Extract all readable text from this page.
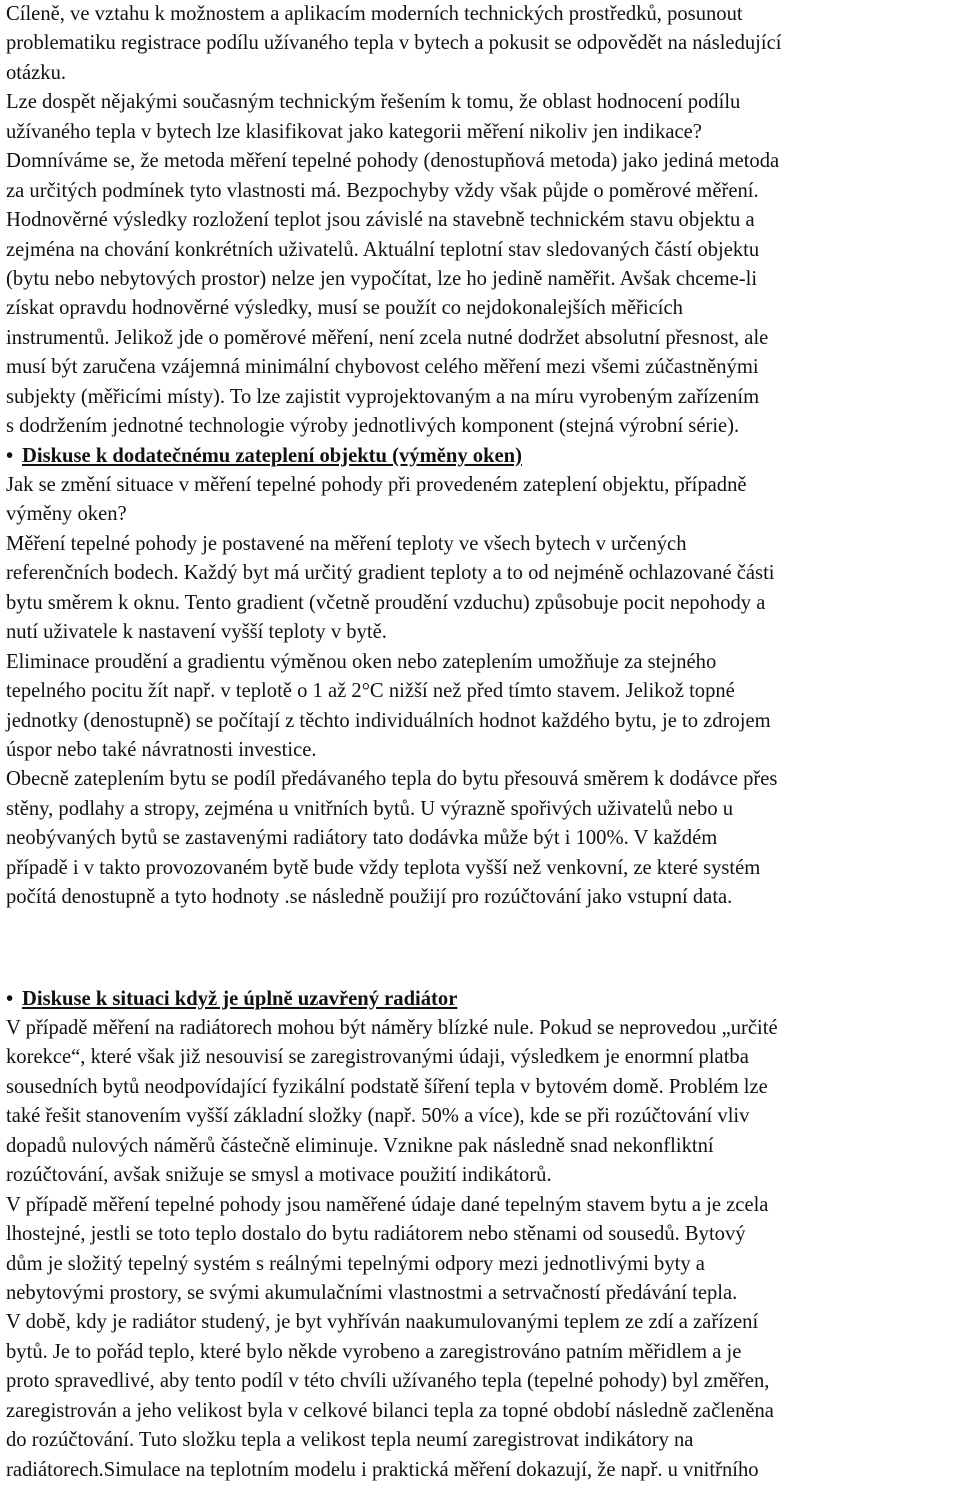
Cíleně, ve vztahu k možnostem a aplikacím moderních technických prostředků, posunout
problematiku registrace podílu užívaného tepla v bytech a pokusit se odpovědět na následující
otázku.
Lze dospět nějakými současným technickým řešením k tomu, že oblast hodnocení podílu
užívaného tepla v bytech lze klasifikovat jako kategorii měření nikoliv jen indikace?
Domníváme se, že metoda měření tepelné pohody (denostupňová metoda) jako jediná metoda
za určitých podmínek tyto vlastnosti má. Bezpochyby vždy však půjde o poměrové měření.
Hodnověrné výsledky rozložení teplot jsou závislé na stavebně technickém stavu objektu a
zejména na chování konkrétních uživatelů. Aktuální teplotní stav sledovaných částí objektu
(bytu nebo nebytových prostor) nelze jen vypočítat, lze ho jedině naměřit. Avšak chceme-li
získat opravdu hodnověrné výsledky, musí se použít co nejdokonalejších měřicích
instrumentů. Jelikož jde o poměrové měření, není zcela nutné dodržet absolutní přesnost, ale
musí být zaručena vzájemná minimální chybovost celého měření mezi všemi zúčastněnými
subjekty (měřicími místy). To lze zajistit vyprojektovaným a na míru vyrobeným zařízením
s dodržením jednotné technologie výroby jednotlivých komponent (stejná výrobní série).
• Diskuse k dodatečnému zateplení objektu (výměny oken)
Jak se změní situace v měření tepelné pohody při provedeném zateplení objektu, případně
výměny oken?
Měření tepelné pohody je postavené na měření teploty ve všech bytech v určených
referenčních bodech. Každý byt má určitý gradient teploty a to od nejméně ochlazované části
bytu směrem k oknu. Tento gradient (včetně proudění vzduchu) způsobuje pocit nepohody a
nutí uživatele k nastavení vyšší teploty v bytě.
Eliminace proudění a gradientu výměnou oken nebo zateplením umožňuje za stejného
tepelného pocitu žít např. v teplotě o 1 až 2°C nižší než před tímto stavem. Jelikož topné
jednotky (denostupně) se počítají z těchto individuálních hodnot každého bytu, je to zdrojem
úspor nebo také návratnosti investice.
Obecně zateplením bytu se podíl předávaného tepla do bytu přesouvá směrem k dodávce přes
stěny, podlahy a stropy, zejména u vnitřních bytů. U výrazně spořivých uživatelů nebo u
neobývaných bytů se zastavenými radiátory tato dodávka může být i 100%. V každém
případě i v takto provozovaném bytě bude vždy teplota vyšší než venkovní, ze které systém
počítá denostupně a tyto hodnoty .se následně použijí pro rozúčtování jako vstupní data.
• Diskuse k situaci když je úplně uzavřený radiátor
V případě měření na radiátorech mohou být náměry blízké nule. Pokud se neprovedou „určité
korekce“, které však již nesouvisí se zaregistrovanými údaji, výsledkem je enormní platba
sousedních bytů neodpovídající fyzikální podstatě šíření tepla v bytovém domě. Problém lze
také řešit stanovením vyšší základní složky (např. 50% a více), kde se při rozúčtování vliv
dopadů nulových náměrů částečně eliminuje. Vznikne pak následně snad nekonfliktní
rozúčtování, avšak snižuje se smysl a motivace použití indikátorů.
V případě měření tepelné pohody jsou naměřené údaje dané tepelným stavem bytu a je zcela
lhostejné, jestli se toto teplo dostalo do bytu radiátorem nebo stěnami od sousedů. Bytový
dům je složitý tepelný systém s reálnými tepelnými odpory mezi jednotlivými byty a
nebytovými prostory, se svými akumulačními vlastnostmi a setrvačností předávání tepla.
V době, kdy je radiátor studený, je byt vyhříván naakumulovanými teplem ze zdí a zařízení
bytů. Je to pořád teplo, které bylo někde vyrobeno a zaregistrováno patním měřidlem a je
proto spravedlivé, aby tento podíl v této chvíli užívaného tepla (tepelné pohody) byl změřen,
zaregistrován a jeho velikost byla v celkové bilanci tepla za topné období následně začleněna
do rozúčtování. Tuto složku tepla a velikost tepla neumí zaregistrovat indikátory na
radiátorech.Simulace na teplotním modelu i praktická měření dokazují, že např. u vnitřního
